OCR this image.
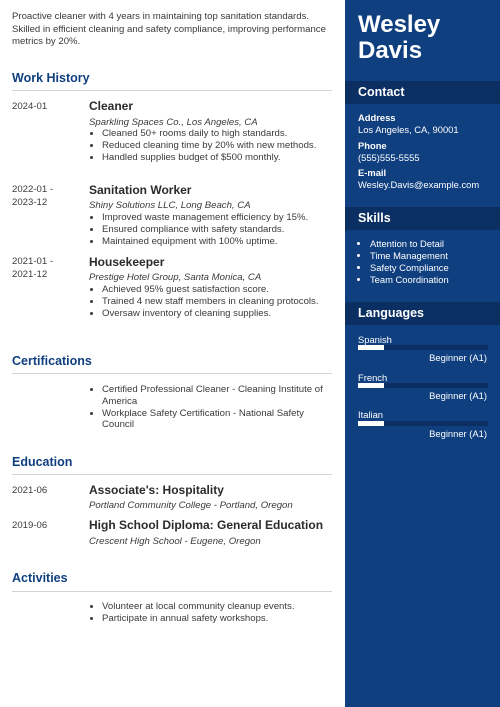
Proactive cleaner with 4 years in maintaining top sanitation standards. Skilled in efficient cleaning and safety compliance, improving performance metrics by 20%.
Work History
2024-01	Cleaner
Sparkling Spaces Co., Los Angeles, CA
• Cleaned 50+ rooms daily to high standards.
• Reduced cleaning time by 20% with new methods.
• Handled supplies budget of $500 monthly.
2022-01 -
2023-12
Sanitation Worker
Shiny Solutions LLC, Long Beach, CA
• Improved waste management efficiency by 15%.
• Ensured compliance with safety standards.
• Maintained equipment with 100% uptime.
2021-01 -
2021-12
Housekeeper
Prestige Hotel Group, Santa Monica, CA
• Achieved 95% guest satisfaction score.
• Trained 4 new staff members in cleaning protocols.
• Oversaw inventory of cleaning supplies.
Certifications
• Certified Professional Cleaner - Cleaning Institute of America
• Workplace Safety Certification - National Safety Council
Education
2021-06	Associate's: Hospitality
Portland Community College - Portland, Oregon
2019-06	High School Diploma: General Education
Crescent High School - Eugene, Oregon
Activities
• Volunteer at local community cleanup events.
• Participate in annual safety workshops.
Wesley
Davis
Contact
Address
Los Angeles, CA, 90001
Phone
(555)555-5555
E-mail
Wesley.Davis@example.com
Skills
• Attention to Detail
• Time Management
• Safety Compliance
• Team Coordination
Languages
Spanish
Beginner (A1)
French
Beginner (A1)
Italian
Beginner (A1)
